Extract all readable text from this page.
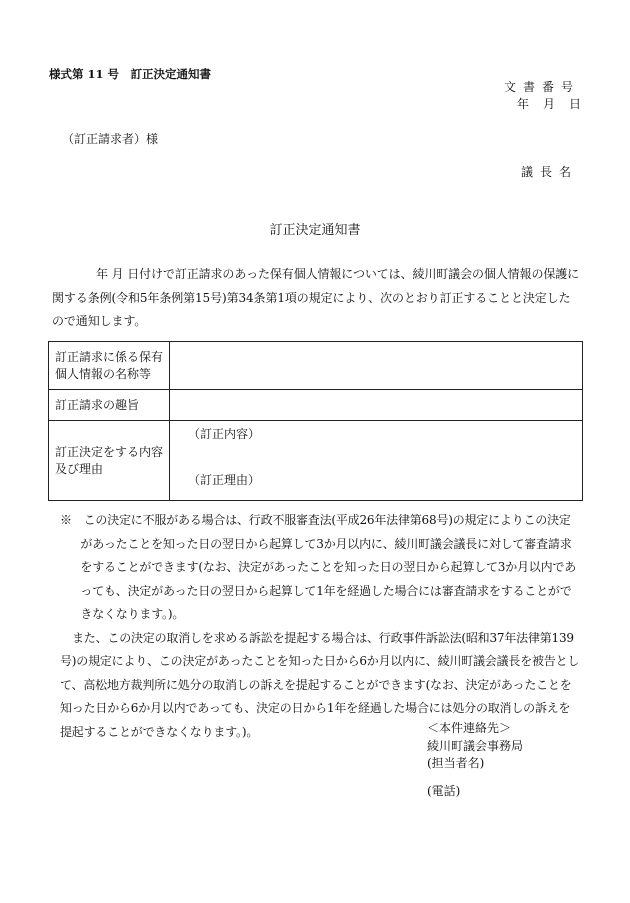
様式第 11 号　訂正決定通知書
文書番号
年　月　日
（訂正請求者）様
議長名
訂正決定通知書
年 月 日付けで訂正請求のあった保有個人情報については、綾川町議会の個人情報の保護に関する条例(令和5年条例第15号)第34条第1項の規定により、次のとおり訂正することと決定したので通知します。
訂正請求に係る保有個人情報の名称等	
訂正請求の趣旨	
訂正決定をする内容及び理由	（訂正内容）
（訂正理由）

※　この決定に不服がある場合は、行政不服審査法(平成26年法律第68号)の規定によりこの決定があったことを知った日の翌日から起算して3か月以内に、綾川町議会議長に対して審査請求をすることができます(なお、決定があったことを知った日の翌日から起算して3か月以内であっても、決定があった日の翌日から起算して1年を経過した場合には審査請求をすることができなくなります。)。

また、この決定の取消しを求める訴訟を提起する場合は、行政事件訴訟法(昭和37年法律第139号)の規定により、この決定があったことを知った日から6か月以内に、綾川町議会議長を被告として、高松地方裁判所に処分の取消しの訴えを提起することができます(なお、決定があったことを知った日から6か月以内であっても、決定の日から1年を経過した場合には処分の取消しの訴えを提起することができなくなります。)。	＜本件連絡先＞
綾川町議会事務局
(担当者名)
(電話)
